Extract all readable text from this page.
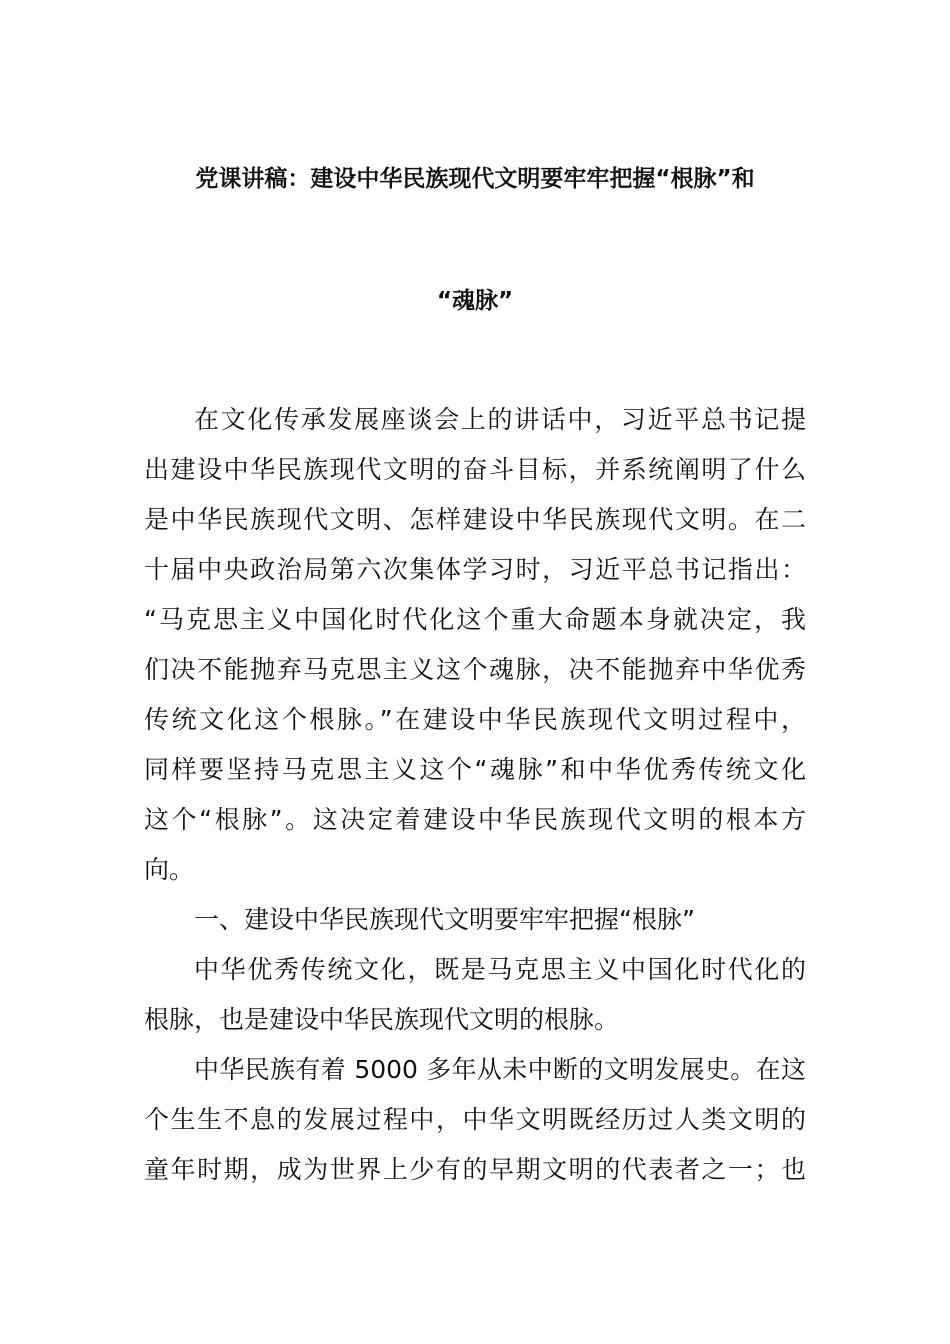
党课讲稿：建设中华民族现代文明要牢牢把握“根脉”和
“魂脉”
在文化传承发展座谈会上的讲话中，习近平总书记提
出建设中华民族现代文明的奋斗目标，并系统阐明了什么
是中华民族现代文明、怎样建设中华民族现代文明。在二
十届中央政治局第六次集体学习时，习近平总书记指出：
“马克思主义中国化时代化这个重大命题本身就决定，我
们决不能抛弃马克思主义这个魂脉，决不能抛弃中华优秀
传统文化这个根脉。”在建设中华民族现代文明过程中，
同样要坚持马克思主义这个“魂脉”和中华优秀传统文化
这个“根脉”。这决定着建设中华民族现代文明的根本方
向。
一、建设中华民族现代文明要牢牢把握“根脉”
中华优秀传统文化，既是马克思主义中国化时代化的
根脉，也是建设中华民族现代文明的根脉。
中华民族有着 5000 多年从未中断的文明发展史。在这
个生生不息的发展过程中，中华文明既经历过人类文明的
童年时期，成为世界上少有的早期文明的代表者之一；也
